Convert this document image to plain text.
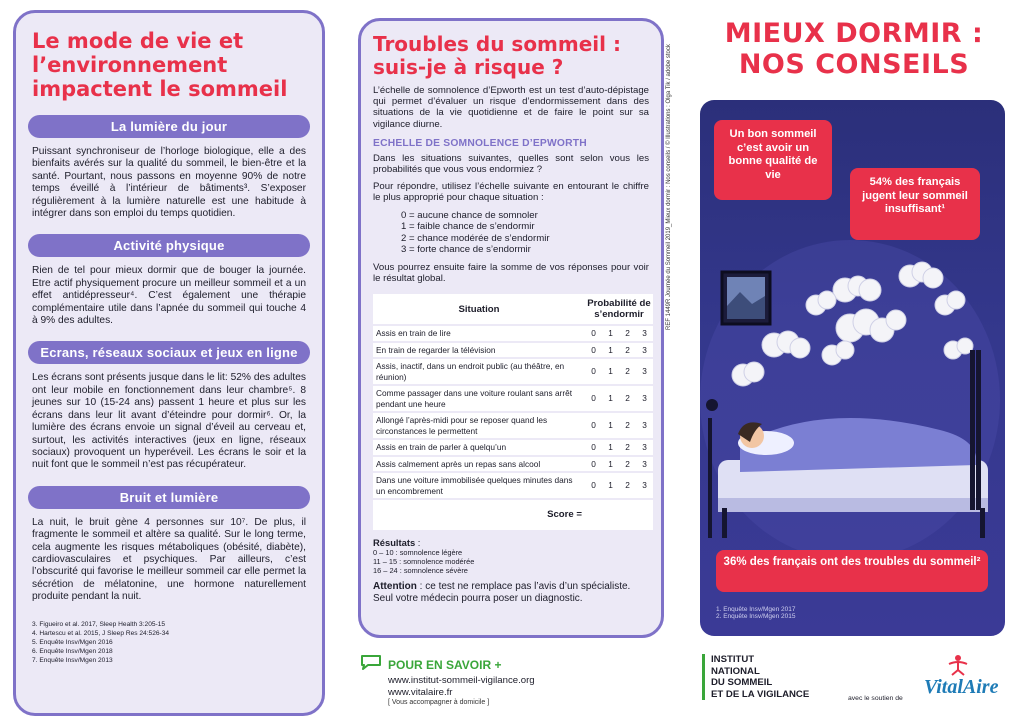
Le mode de vie et l’environnement impactent le sommeil
La lumière du jour

Puissant synchroniseur de l’horloge biologique, elle a des bienfaits avérés sur la qualité du sommeil, le bien-être et la santé. Pourtant, nous passons en moyenne 90% de notre temps éveillé à l’intérieur de bâtiments³. S’exposer régulièrement à la lumière naturelle est une habitude à intégrer dans son emploi du temps quotidien.

Activité physique

Rien de tel pour mieux dormir que de bouger la journée. Etre actif physiquement procure un meilleur sommeil et a un effet antidépresseur⁴. C’est également une thérapie complémentaire utile dans l’apnée du sommeil qui touche 4 à 9% des adultes.

Ecrans, réseaux sociaux et jeux en ligne

Les écrans sont présents jusque dans le lit: 52% des adultes ont leur mobile en fonctionnement dans leur chambre⁵. 8 jeunes sur 10 (15-24 ans) passent 1 heure et plus sur les écrans dans leur lit avant d’éteindre pour dormir⁶. Or, la lumière des écrans envoie un signal d’éveil au cerveau et, surtout, les activités interactives (jeux en ligne, réseaux sociaux) provoquent un hyperéveil. Les écrans le soir et la nuit font que le sommeil n’est pas récupérateur.

Bruit et lumière

La nuit, le bruit gène 4 personnes sur 10⁷. De plus, il fragmente le sommeil et altère sa qualité. Sur le long terme, cela augmente les risques métaboliques (obésité, diabète), cardiovasculaires et psychiques. Par ailleurs, c’est l’obscurité qui favorise le meilleur sommeil car elle permet la sécrétion de mélatonine, une hormone naturellement produite pendant la nuit.

3. Figueiro et al. 2017, Sleep Health 3:205-15
4. Hartescu et al. 2015, J Sleep Res 24:526-34
5. Enquête Insv/Mgen 2016
6. Enquête Insv/Mgen 2018
7. Enquête Insv/Mgen 2013
Troubles du sommeil : suis-je à risque ?

L’échelle de somnolence d’Epworth est un test d’auto-dépistage qui permet d’évaluer un risque d’endormissement dans des situations de la vie quotidienne et de faire le point sur sa vigilance diurne.

ECHELLE DE SOMNOLENCE D’EPWORTH

Dans les situations suivantes, quelles sont selon vous les probabilités que vous vous endormiez ?

Pour répondre, utilisez l’échelle suivante en entourant le chiffre le plus approprié pour chaque situation :

0 = aucune chance de somnoler
1 = faible chance de s’endormir
2 = chance modérée de s’endormir
3 = forte chance de s’endormir

Vous pourrez ensuite faire la somme de vos réponses pour voir le résultat global.

Situation	Probabilité de s’endormir			
Assis en train de lire	0	1	2	3
En train de regarder la télévision	0	1	2	3
Assis, inactif, dans un endroit public (au théâtre, en réunion)	0	1	2	3
Comme passager dans une voiture roulant sans arrêt pendant une heure	0	1	2	3
Allongé l’après-midi pour se reposer quand les circonstances le permettent	0	1	2	3
Assis en train de parler à quelqu’un	0	1	2	3
Assis calmement après un repas sans alcool	0	1	2	3
Dans une voiture immobilisée quelques minutes dans un encombrement	0	1	2	3
Score =				
Résultats :
0 – 10 : somnolence légère
11 – 15 : somnolence modérée
16 – 24 : somnolence sévère

Attention : ce test ne remplace pas l’avis d’un spécialiste. Seul votre médecin pourra poser un diagnostic.

REF 1449R Journée du Sommeil 2019_Mieux dormir : Nos conseils / © Illustrations : Olga Tik / adobe stock
POUR EN SAVOIR +
www.institut-sommeil-vigilance.org
www.vitalaire.fr
[ Vous accompagner à domicile ]
MIEUX DORMIR : NOS CONSEILS
Un bon sommeil c’est avoir un bonne qualité de vie
54% des français jugent leur sommeil insuffisant¹
36% des français ont des troubles du sommeil²
1. Enquête Insv/Mgen 2017
2. Enquête Insv/Mgen 2015
INSTITUT
NATIONAL
DU SOMMEIL
ET DE LA VIGILANCE	avec le soutien de
VitalAire
